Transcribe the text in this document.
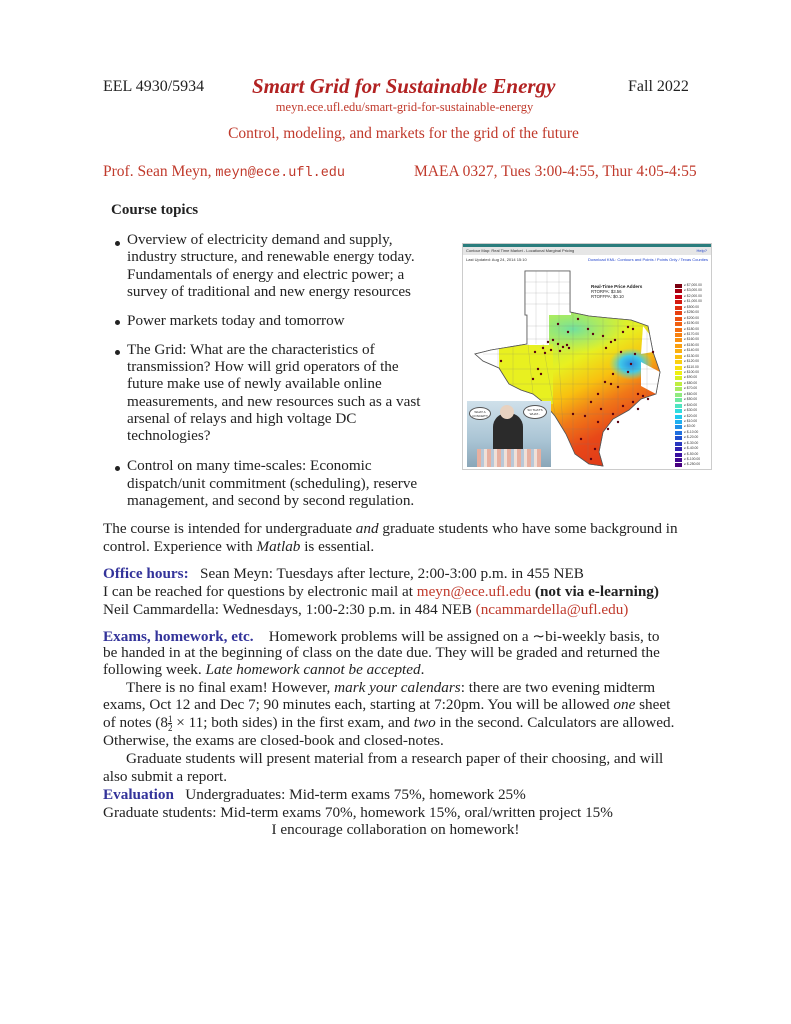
EEL 4930/5934 Smart Grid for Sustainable Energy	Fall 2022
meyn.ece.ufl.edu/smart-grid-for-sustainable-energy
Control, modeling, and markets for the grid of the future
Prof. Sean Meyn, meyn@ece.ufl.edu	MAEA 0327, Tues 3:00-4:55, Thur 4:05-4:55
Course topics
Overview of electricity demand and supply,
industry structure, and renewable energy today.
Fundamentals of energy and electric power; a
survey of traditional and new energy resources
Power markets today and tomorrow
The Grid: What are the characteristics of
transmission? How will grid operators of the
future make use of newly available online
measurements, and new resources such as a vast
arsenal of relays and high voltage DC
technologies?
Control on many time-scales: Economic
dispatch/unit commitment (scheduling), reserve
management, and second by second regulation.
Contour Map: Real Time Market - Locational Marginal Pricing	Help?
Last Updated: Aug 24, 2014 15:10	Download KML: Contours and Points / Points Only / Texas Counties
Real-Time Price Adders
RTORPA: $3.56
RTOFFPA: $0.10
≥ $7,000.00
≥ $3,000.00
≥ $2,000.00
≥ $1,000.00
≥ $500.00
≥ $250.00
≥ $200.00
≥ $190.00
≥ $180.00
≥ $170.00
≥ $160.00
≥ $150.00
≥ $140.00
≥ $130.00
≥ $120.00
≥ $110.00
≥ $100.00
≥ $90.00
≥ $80.00
≥ $70.00
≥ $60.00
≥ $50.00
≥ $40.00
≥ $30.00
≥ $20.00
≥ $10.00
≥ $0.00
≥ $-10.00
≥ $-20.00
≥ $-30.00
≥ $-40.00
≥ $-50.00
≥ $-100.00
≥ $-250.00
WHAT A CONCEPT!
SO THAT'S WHAT...
The course is intended for undergraduate and graduate students who have some background in
control. Experience with Matlab is essential.
Office hours: Sean Meyn: Tuesdays after lecture, 2:00-3:00 p.m. in 455 NEB
I can be reached for questions by electronic mail at meyn@ece.ufl.edu (not via e-learning)
Neil Cammardella: Wednesdays, 1:00-2:30 p.m. in 484 NEB (ncammardella@ufl.edu)
Exams, homework, etc. Homework problems will be assigned on a ∼bi-weekly basis, to
be handed in at the beginning of class on the date due. They will be graded and returned the
following week. Late homework cannot be accepted.
There is no final exam! However, mark your calendars: there are two evening midterm
exams, Oct 12 and Dec 7; 90 minutes each, starting at 7:20pm. You will be allowed one sheet
of notes ($8 \frac{1}{2} \times 11$; both sides) in the first exam, and two in the second. Calculators are allowed.
Otherwise, the exams are closed-book and closed-notes.
Graduate students will present material from a research paper of their choosing, and will
also submit a report.
Evaluation Undergraduates: Mid-term exams 75%, homework 25%
Graduate students: Mid-term exams 70%, homework 15%, oral/written project 15%
I encourage collaboration on homework!
